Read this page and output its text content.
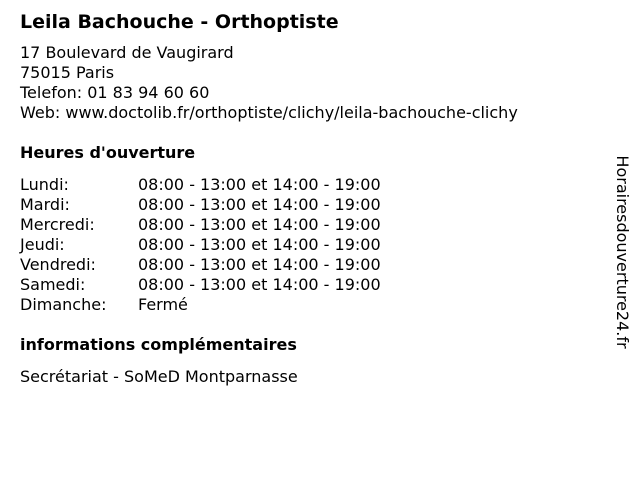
Leila Bachouche - Orthoptiste
17 Boulevard de Vaugirard
75015 Paris
Telefon: 01 83 94 60 60
Web: www.doctolib.fr/orthoptiste/clichy/leila-bachouche-clichy
Heures d'ouverture
Lundi:	08:00 - 13:00 et 14:00 - 19:00
Mardi:	08:00 - 13:00 et 14:00 - 19:00
Mercredi:	08:00 - 13:00 et 14:00 - 19:00
Jeudi:	08:00 - 13:00 et 14:00 - 19:00
Vendredi:	08:00 - 13:00 et 14:00 - 19:00
Samedi:	08:00 - 13:00 et 14:00 - 19:00
Dimanche:	Fermé
informations complémentaires
Secrétariat - SoMeD Montparnasse
Horairesdouverture24.fr
